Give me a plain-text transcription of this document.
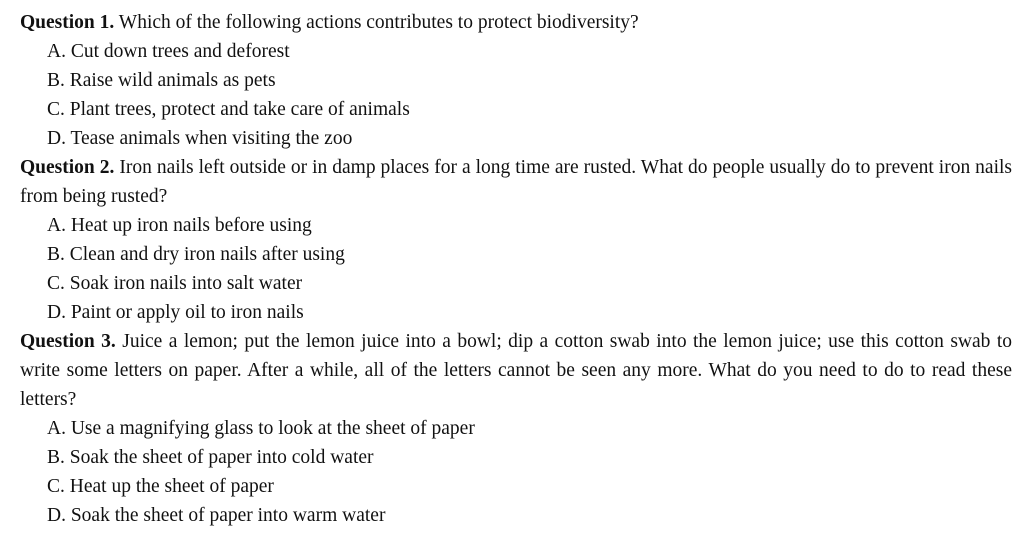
Question 1. Which of the following actions contributes to protect biodiversity?

A. Cut down trees and deforest
B. Raise wild animals as pets
C. Plant trees, protect and take care of animals
D. Tease animals when visiting the zoo

Question 2. Iron nails left outside or in damp places for a long time are rusted. What do people usually do to prevent iron nails from being rusted?

A. Heat up iron nails before using
B. Clean and dry iron nails after using
C. Soak iron nails into salt water
D. Paint or apply oil to iron nails

Question 3. Juice a lemon; put the lemon juice into a bowl; dip a cotton swab into the lemon juice; use this cotton swab to write some letters on paper. After a while, all of the letters cannot be seen any more. What do you need to do to read these letters?

A. Use a magnifying glass to look at the sheet of paper
B. Soak the sheet of paper into cold water
C. Heat up the sheet of paper
D. Soak the sheet of paper into warm water
